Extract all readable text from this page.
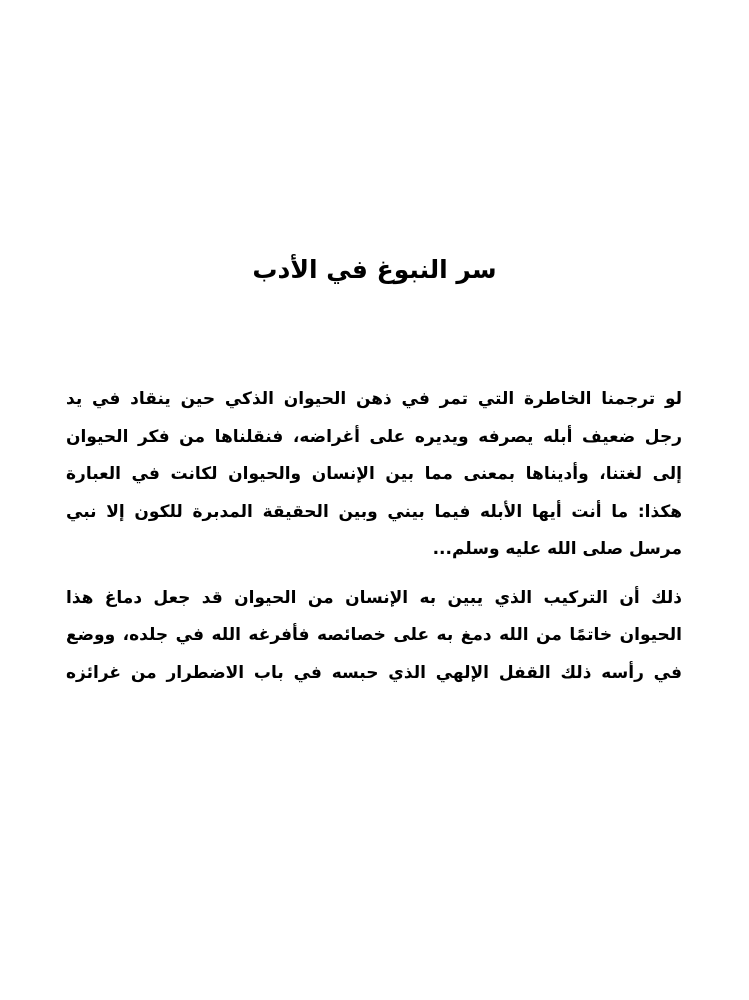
سر النبوغ في الأدب

لو ترجمنا الخاطرة التي تمر في ذهن الحيوان الذكي حين ينقاد في يد
رجل ضعيف أبله يصرفه ويديره على أغراضه، فنقلناها من فكر الحيوان
إلى لغتنا، وأديناها بمعنى مما بين الإنسان والحيوان لكانت في العبارة
هكذا: ما أنت أيها الأبله فيما بيني وبين الحقيقة المدبرة للكون إلا نبي
مرسل صلى الله عليه وسلم...

ذلك أن التركيب الذي يبين به الإنسان من الحيوان قد جعل دماغ هذا
الحيوان خاتمًا من الله دمغ به على خصائصه فأفرغه الله في جلده، ووضع
في رأسه ذلك القفل الإلهي الذي حبسه في باب الاضطرار من غرائزه
